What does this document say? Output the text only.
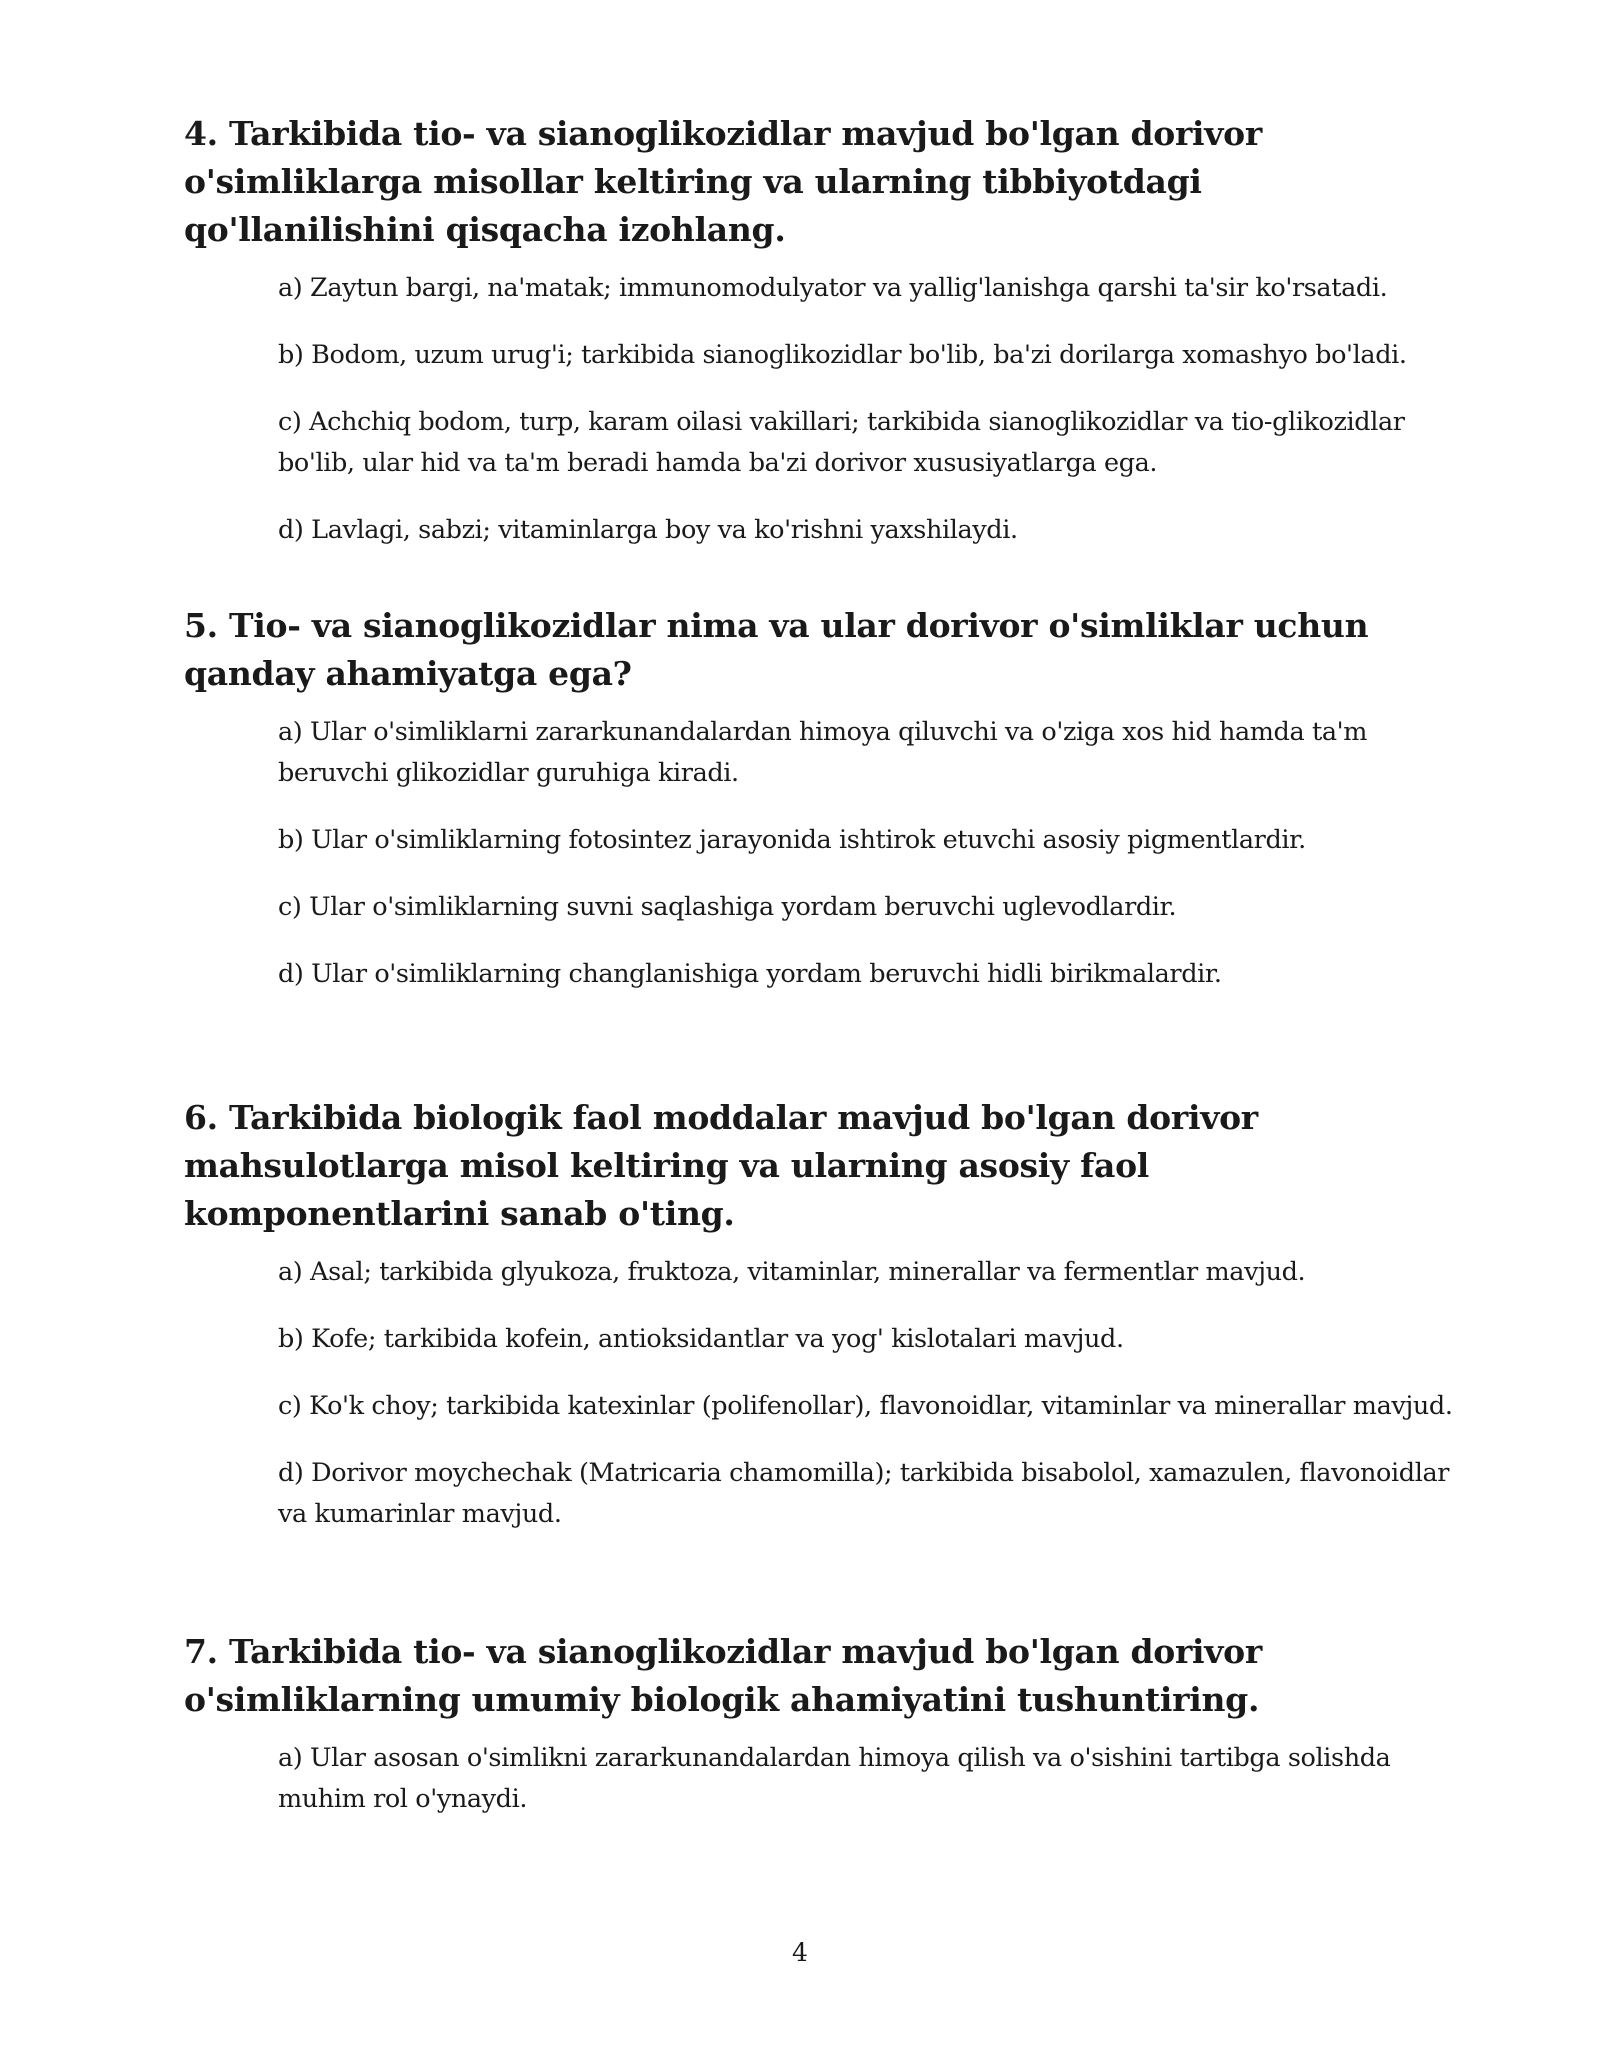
4. Tarkibida tio- va sianoglikozidlar mavjud bo'lgan dorivor o'simliklarga misollar keltiring va ularning tibbiyotdagi qo'llanilishini qisqacha izohlang.
a) Zaytun bargi, na'matak; immunomodulyator va yallig'lanishga qarshi ta'sir ko'rsatadi.
b) Bodom, uzum urug'i; tarkibida sianoglikozidlar bo'lib, ba'zi dorilarga xomashyo bo'ladi.
c) Achchiq bodom, turp, karam oilasi vakillari; tarkibida sianoglikozidlar va tio-glikozidlar bo'lib, ular hid va ta'm beradi hamda ba'zi dorivor xususiyatlarga ega.
d) Lavlagi, sabzi; vitaminlarga boy va ko'rishni yaxshilaydi.
5. Tio- va sianoglikozidlar nima va ular dorivor o'simliklar uchun qanday ahamiyatga ega?
a) Ular o'simliklarni zararkunandalardan himoya qiluvchi va o'ziga xos hid hamda ta'm beruvchi glikozidlar guruhiga kiradi.
b) Ular o'simliklarning fotosintez jarayonida ishtirok etuvchi asosiy pigmentlardir.
c) Ular o'simliklarning suvni saqlashiga yordam beruvchi uglevodlardir.
d) Ular o'simliklarning changlanishiga yordam beruvchi hidli birikmalardir.
6. Tarkibida biologik faol moddalar mavjud bo'lgan dorivor mahsulotlarga misol keltiring va ularning asosiy faol komponentlarini sanab o'ting.
a) Asal; tarkibida glyukoza, fruktoza, vitaminlar, minerallar va fermentlar mavjud.
b) Kofe; tarkibida kofein, antioksidantlar va yog' kislotalari mavjud.
c) Ko'k choy; tarkibida katexinlar (polifenollar), flavonoidlar, vitaminlar va minerallar mavjud.
d) Dorivor moychechak (Matricaria chamomilla); tarkibida bisabolol, xamazulen, flavonoidlar va kumarinlar mavjud.
7. Tarkibida tio- va sianoglikozidlar mavjud bo'lgan dorivor o'simliklarning umumiy biologik ahamiyatini tushuntiring.
a) Ular asosan o'simlikni zararkunandalardan himoya qilish va o'sishini tartibga solishda muhim rol o'ynaydi.
4
